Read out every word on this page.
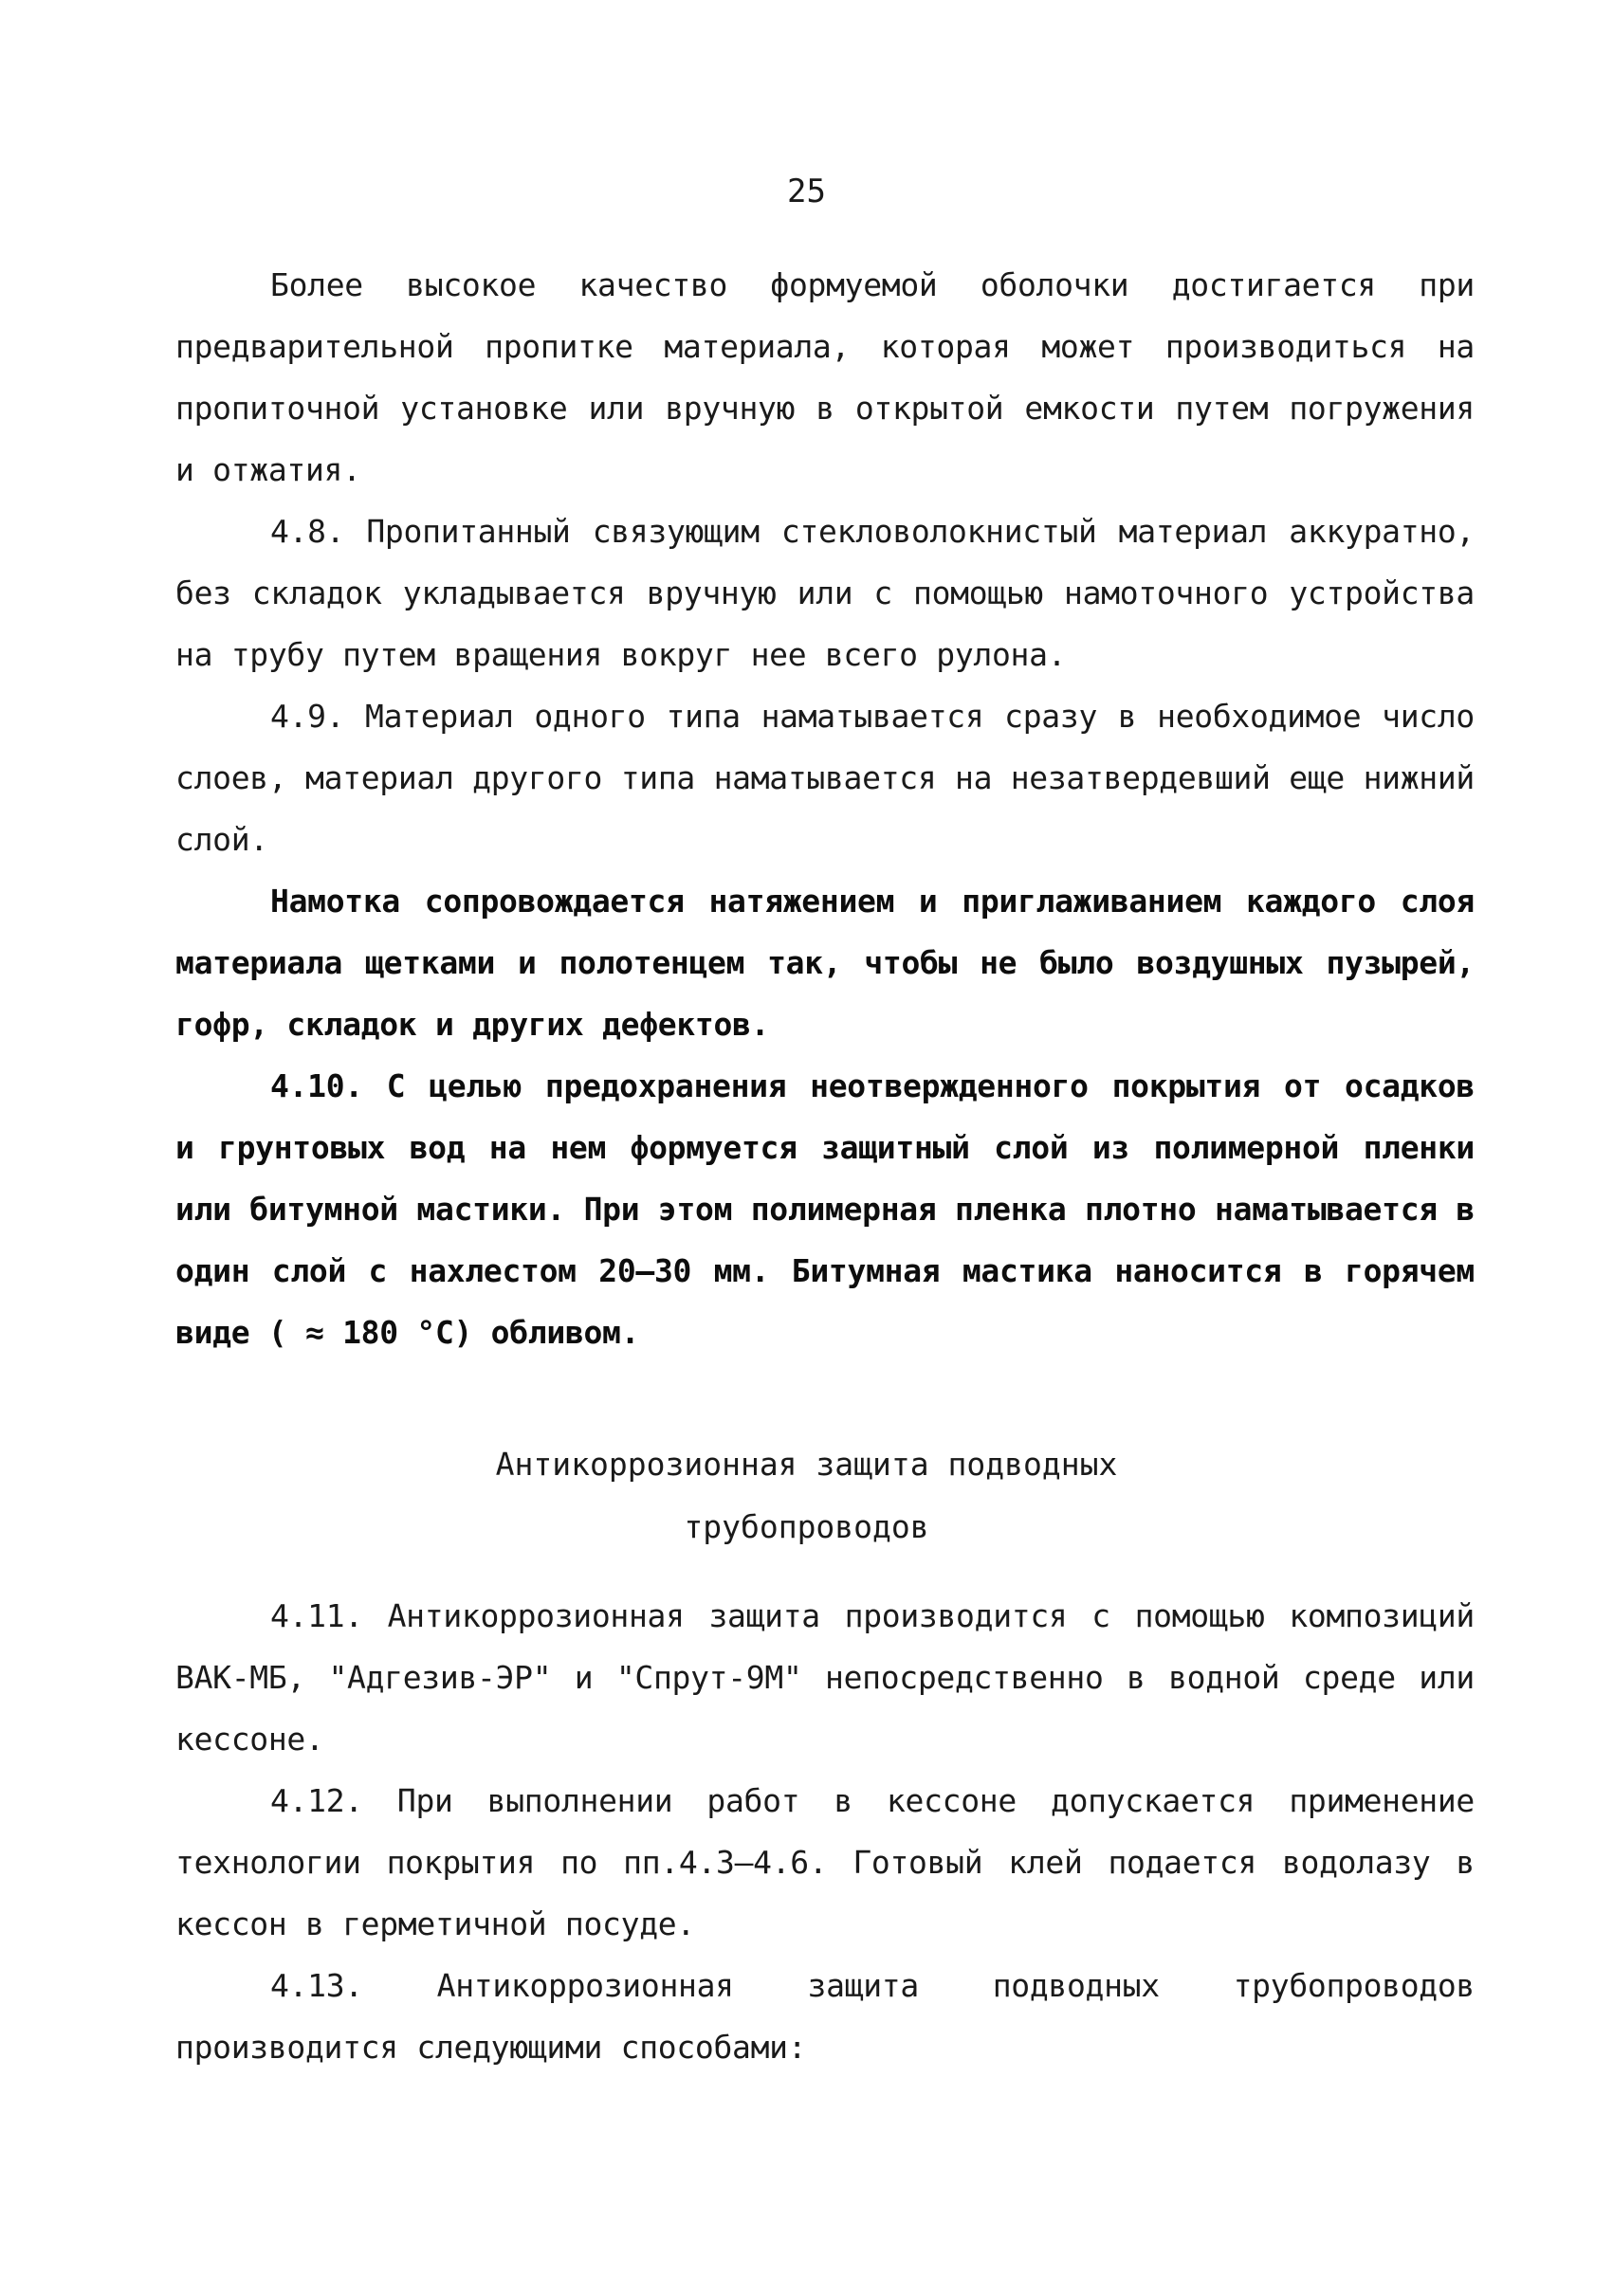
25

Более высокое качество формуемой оболочки достигается при предварительной пропитке материала, которая может производиться на пропиточной установке или вручную в открытой емкости путем погружения и отжатия.

4.8. Пропитанный связующим стекловолокнистый материал аккуратно, без складок укладывается вручную или с помощью намоточного устройства на трубу путем вращения вокруг нее всего рулона.

4.9. Материал одного типа наматывается сразу в необходимое число слоев, материал другого типа наматывается на незатвердевший еще нижний слой.

Намотка сопровождается натяжением и приглаживанием каждого слоя материала щетками и полотенцем так, чтобы не было воздушных пузырей, гофр, складок и других дефектов.

4.10. С целью предохранения неотвержденного покрытия от осадков и грунтовых вод на нем формуется защитный слой из полимерной пленки или битумной мастики. При этом полимерная пленка плотно наматывается в один слой с нахлестом 20–30 мм. Битумная мастика наносится в горячем виде ( ≈ 180 °С) обливом.

Антикоррозионная защита подводных
трубопроводов

4.11. Антикоррозионная защита производится с помощью композиций ВАК-МБ, "Адгезив-ЭР" и "Спрут-9М" непосредственно в водной среде или кессоне.

4.12. При выполнении работ в кессоне допускается применение технологии покрытия по пп.4.3–4.6. Готовый клей подается водолазу в кессон в герметичной посуде.

4.13. Антикоррозионная защита подводных трубопроводов производится следующими способами:
